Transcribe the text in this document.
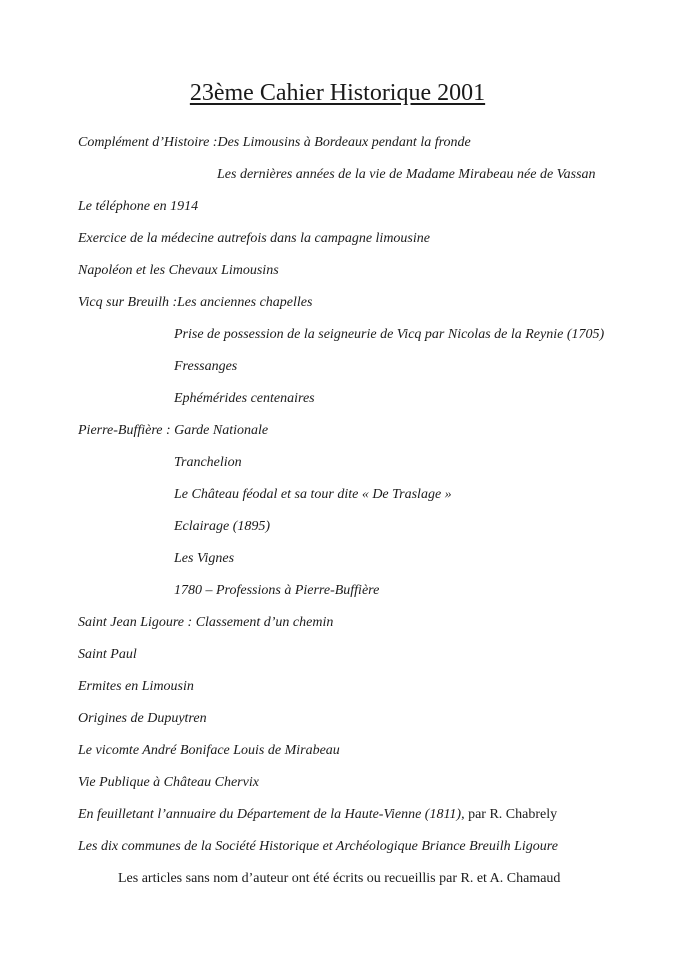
23ème Cahier Historique 2001
Complément d’Histoire :Des Limousins à Bordeaux pendant la fronde
Les dernières années de la vie de Madame Mirabeau née de Vassan
Le téléphone en 1914
Exercice de la médecine autrefois dans la campagne limousine
Napoléon et les Chevaux Limousins
Vicq sur Breuilh :Les anciennes chapelles
Prise de possession de la seigneurie de Vicq par Nicolas de la Reynie (1705)
Fressanges
Ephémérides centenaires
Pierre-Buffière : Garde Nationale
Tranchelion
Le Château féodal et sa tour dite « De Traslage »
Eclairage (1895)
Les Vignes
1780 – Professions à Pierre-Buffière
Saint Jean Ligoure : Classement d’un chemin
Saint Paul
Ermites en Limousin
Origines de Dupuytren
Le vicomte André Boniface Louis de Mirabeau
Vie Publique à Château Chervix
En feuilletant l’annuaire du Département de la Haute-Vienne (1811), par R. Chabrely
Les dix communes de la Société Historique et Archéologique Briance Breuilh Ligoure
Les articles sans nom d’auteur ont été écrits ou recueillis par R. et A. Chamaud
